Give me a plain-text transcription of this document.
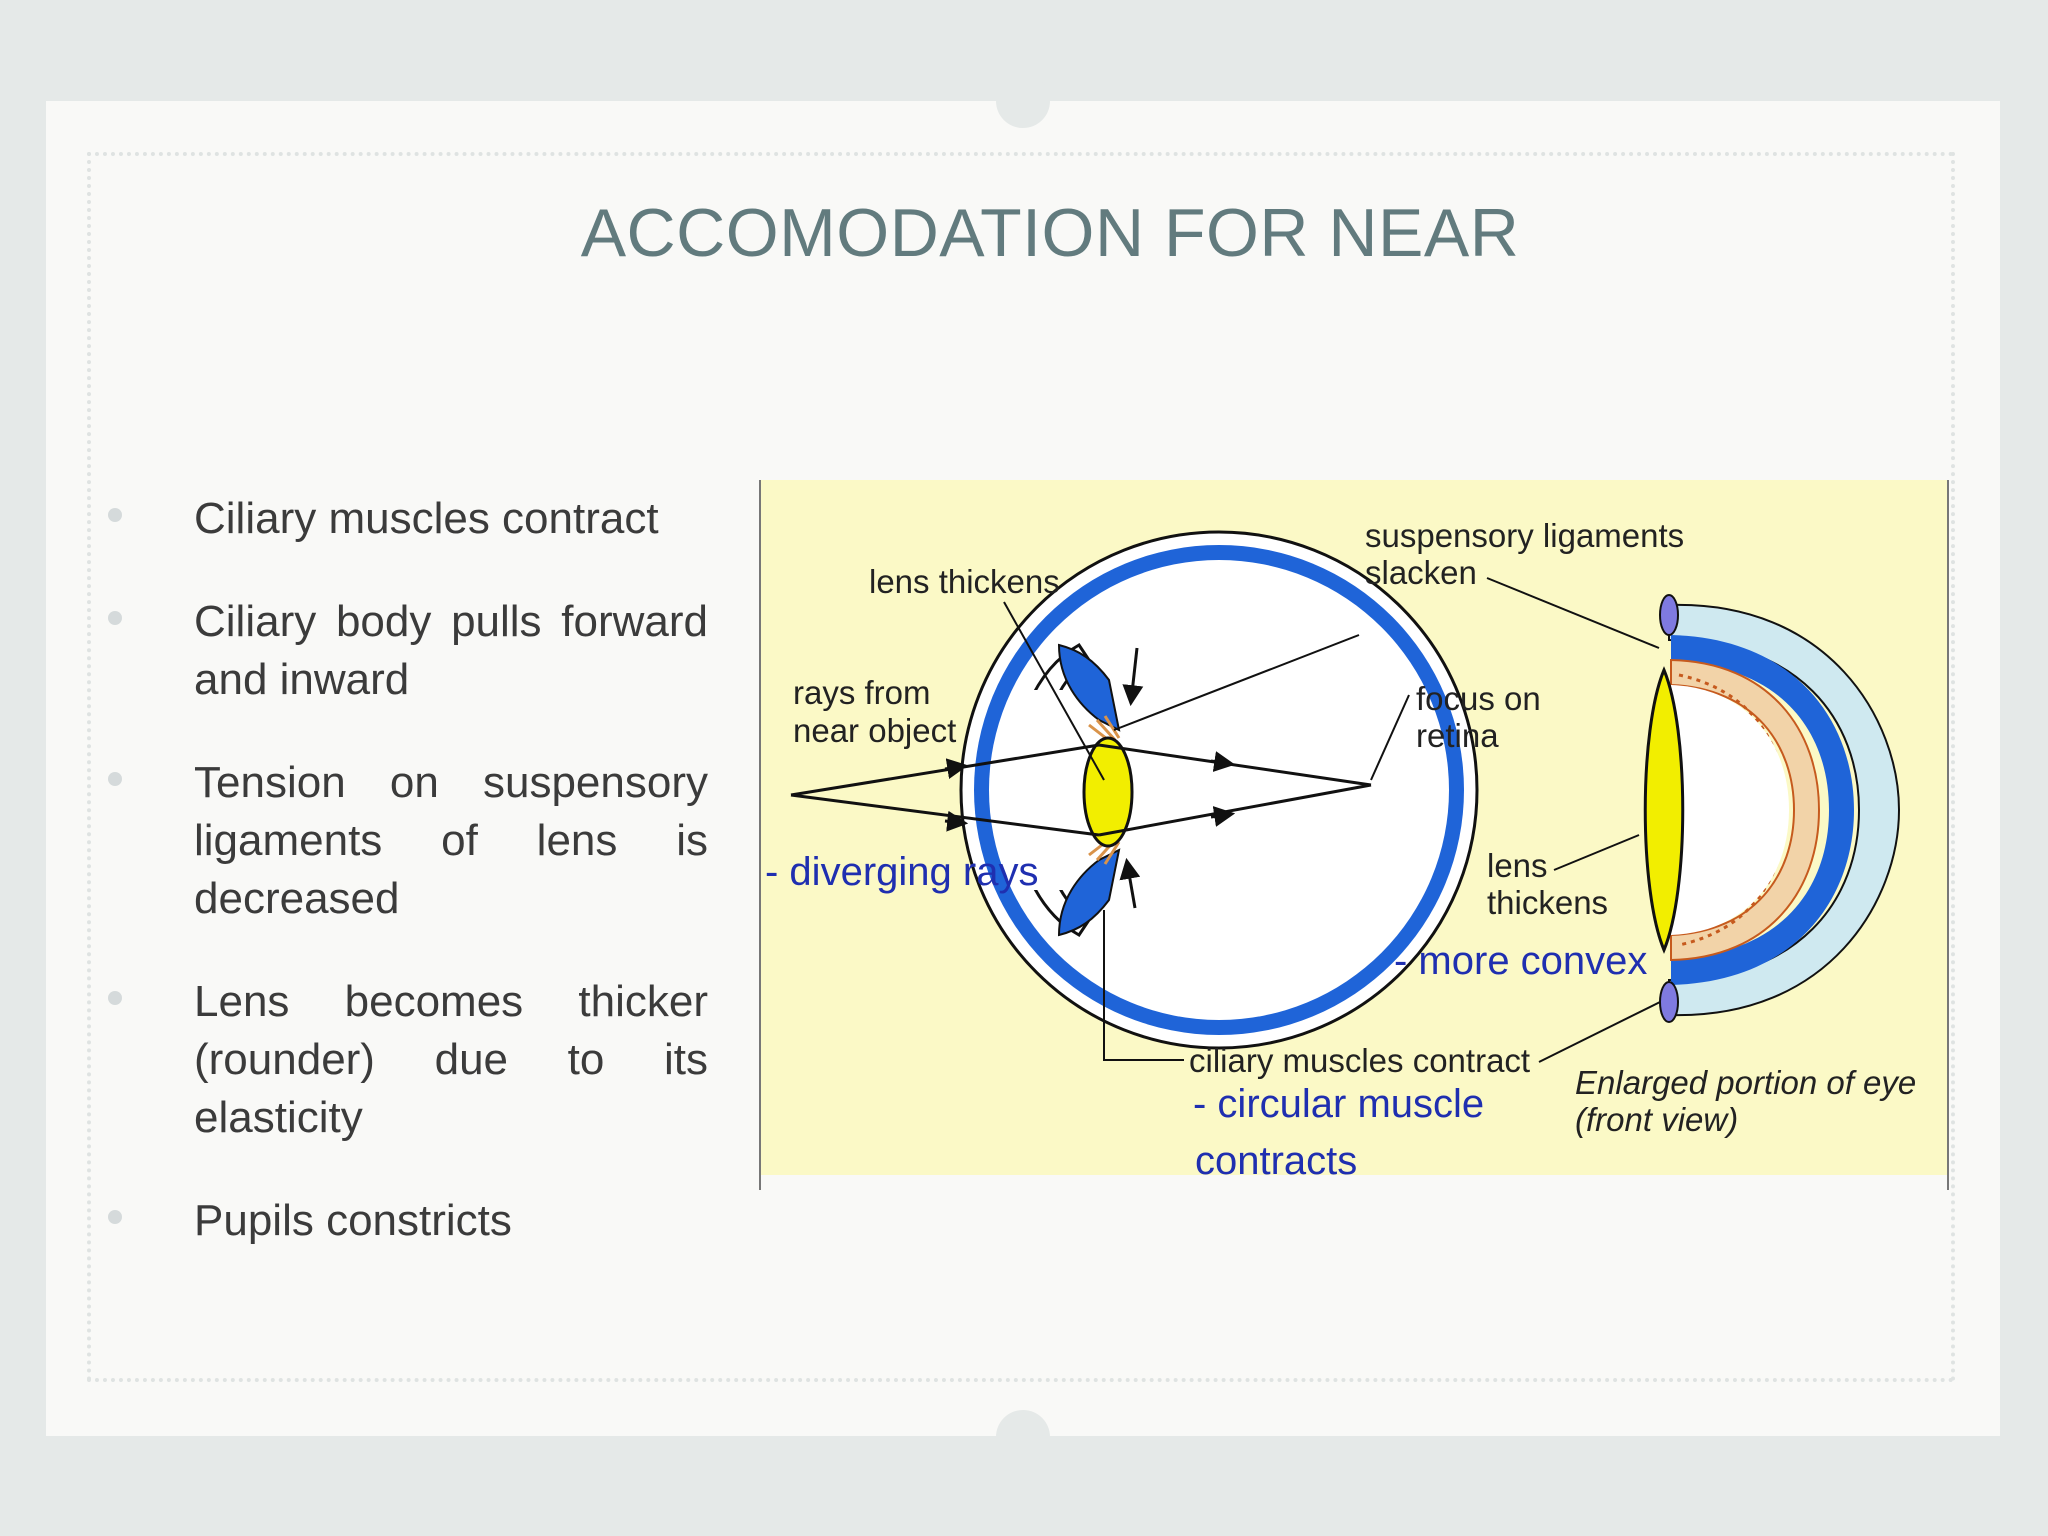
ACCOMODATION FOR NEAR
Ciliary muscles contract
Ciliary body pulls forward and inward
Tension on suspensory ligaments of lens is decreased
Lens becomes thicker (rounder) due to its elasticity
Pupils constricts
lens thickens
suspensory ligaments
slacken
rays from
near object
focus on
retina
- diverging rays	lens
thickens
- more convex
ciliary muscles contract
- circular muscle
contracts
Enlarged portion of eye
(front view)
